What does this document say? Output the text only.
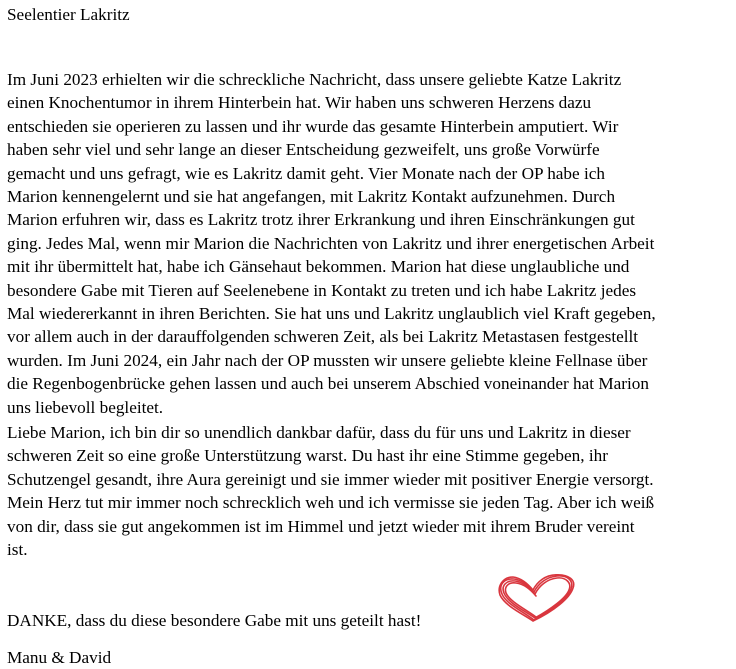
Seelentier Lakritz

Im Juni 2023 erhielten wir die schreckliche Nachricht, dass unsere geliebte Katze Lakritz
einen Knochentumor in ihrem Hinterbein hat. Wir haben uns schweren Herzens dazu
entschieden sie operieren zu lassen und ihr wurde das gesamte Hinterbein amputiert. Wir
haben sehr viel und sehr lange an dieser Entscheidung gezweifelt, uns große Vorwürfe
gemacht und uns gefragt, wie es Lakritz damit geht. Vier Monate nach der OP habe ich
Marion kennengelernt und sie hat angefangen, mit Lakritz Kontakt aufzunehmen. Durch
Marion erfuhren wir, dass es Lakritz trotz ihrer Erkrankung und ihren Einschränkungen gut
ging. Jedes Mal, wenn mir Marion die Nachrichten von Lakritz und ihrer energetischen Arbeit
mit ihr übermittelt hat, habe ich Gänsehaut bekommen. Marion hat diese unglaubliche und
besondere Gabe mit Tieren auf Seelenebene in Kontakt zu treten und ich habe Lakritz jedes
Mal wiedererkannt in ihren Berichten. Sie hat uns und Lakritz unglaublich viel Kraft gegeben,
vor allem auch in der darauffolgenden schweren Zeit, als bei Lakritz Metastasen festgestellt
wurden. Im Juni 2024, ein Jahr nach der OP mussten wir unsere geliebte kleine Fellnase über
die Regenbogenbrücke gehen lassen und auch bei unserem Abschied voneinander hat Marion
uns liebevoll begleitet.

Liebe Marion, ich bin dir so unendlich dankbar dafür, dass du für uns und Lakritz in dieser
schweren Zeit so eine große Unterstützung warst. Du hast ihr eine Stimme gegeben, ihr
Schutzengel gesandt, ihre Aura gereinigt und sie immer wieder mit positiver Energie versorgt.
Mein Herz tut mir immer noch schrecklich weh und ich vermisse sie jeden Tag. Aber ich weiß
von dir, dass sie gut angekommen ist im Himmel und jetzt wieder mit ihrem Bruder vereint
ist.

DANKE, dass du diese besondere Gabe mit uns geteilt hast!

Manu & David
